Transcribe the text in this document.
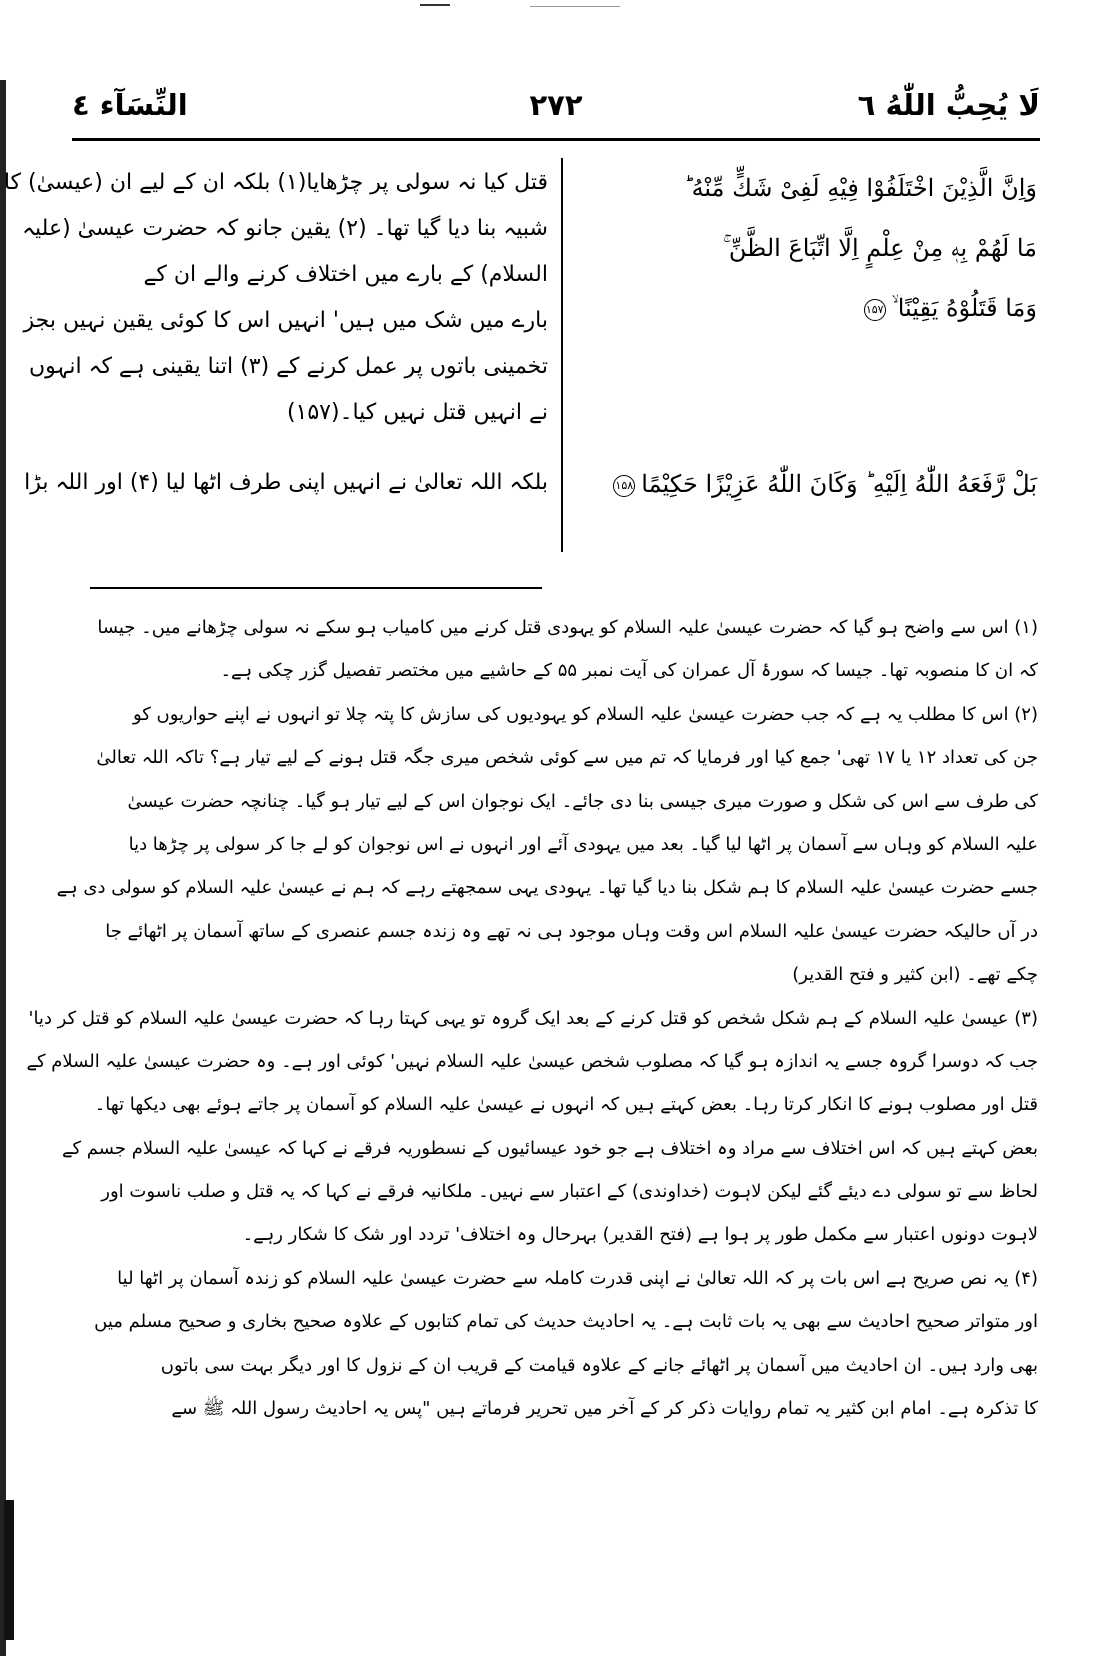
لَا یُحِبُّ اللّٰهُ ٦
۲۷۲
النِّسَآء ٤
وَاِنَّ الَّذِیْنَ اخْتَلَفُوْا فِیْهِ لَفِیْ شَكٍّ مِّنْهُ ؕ
مَا لَهُمْ بِهٖ مِنْ عِلْمٍ اِلَّا اتِّبَاعَ الظَّنِّ ۚ
وَمَا قَتَلُوْهُ یَقِیْنًا ۙ۱۵۷
بَلْ رَّفَعَهُ اللّٰهُ اِلَیْهِ ؕ وَكَانَ اللّٰهُ عَزِیْزًا حَكِیْمًا۱۵۸
قتل کیا نہ سولی پر چڑھایا(۱) بلکہ ان کے لیے ان (عیسیٰ) کا
شبیہ بنا دیا گیا تھا۔ (۲) یقین جانو کہ حضرت عیسیٰ (علیہ
السلام) کے بارے میں اختلاف کرنے والے ان کے
بارے میں شک میں ہیں' انہیں اس کا کوئی یقین نہیں بجز
تخمینی باتوں پر عمل کرنے کے (۳) اتنا یقینی ہے کہ انہوں
نے انہیں قتل نہیں کیا۔(۱۵۷)
بلکہ اللہ تعالیٰ نے انہیں اپنی طرف اٹھا لیا (۴) اور اللہ بڑا
(۱) اس سے واضح ہو گیا کہ حضرت عیسیٰ علیہ السلام کو یہودی قتل کرنے میں کامیاب ہو سکے نہ سولی چڑھانے میں۔ جیسا
کہ ان کا منصوبہ تھا۔ جیسا کہ سورۂ آل عمران کی آیت نمبر ۵۵ کے حاشیے میں مختصر تفصیل گزر چکی ہے۔
(۲) اس کا مطلب یہ ہے کہ جب حضرت عیسیٰ علیہ السلام کو یہودیوں کی سازش کا پتہ چلا تو انہوں نے اپنے حواریوں کو
جن کی تعداد ۱۲ یا ۱۷ تھی' جمع کیا اور فرمایا کہ تم میں سے کوئی شخص میری جگہ قتل ہونے کے لیے تیار ہے؟ تاکہ اللہ تعالیٰ
کی طرف سے اس کی شکل و صورت میری جیسی بنا دی جائے۔ ایک نوجوان اس کے لیے تیار ہو گیا۔ چنانچہ حضرت عیسیٰ
علیہ السلام کو وہاں سے آسمان پر اٹھا لیا گیا۔ بعد میں یہودی آئے اور انہوں نے اس نوجوان کو لے جا کر سولی پر چڑھا دیا
جسے حضرت عیسیٰ علیہ السلام کا ہم شکل بنا دیا گیا تھا۔ یہودی یہی سمجھتے رہے کہ ہم نے عیسیٰ علیہ السلام کو سولی دی ہے
در آں حالیکہ حضرت عیسیٰ علیہ السلام اس وقت وہاں موجود ہی نہ تھے وہ زندہ جسم عنصری کے ساتھ آسمان پر اٹھائے جا
چکے تھے۔ (ابن کثیر و فتح القدیر)
(۳) عیسیٰ علیہ السلام کے ہم شکل شخص کو قتل کرنے کے بعد ایک گروہ تو یہی کہتا رہا کہ حضرت عیسیٰ علیہ السلام کو قتل کر دیا'
جب کہ دوسرا گروہ جسے یہ اندازہ ہو گیا کہ مصلوب شخص عیسیٰ علیہ السلام نہیں' کوئی اور ہے۔ وہ حضرت عیسیٰ علیہ السلام کے
قتل اور مصلوب ہونے کا انکار کرتا رہا۔ بعض کہتے ہیں کہ انہوں نے عیسیٰ علیہ السلام کو آسمان پر جاتے ہوئے بھی دیکھا تھا۔
بعض کہتے ہیں کہ اس اختلاف سے مراد وہ اختلاف ہے جو خود عیسائیوں کے نسطوریہ فرقے نے کہا کہ عیسیٰ علیہ السلام جسم کے
لحاظ سے تو سولی دے دیئے گئے لیکن لاہوت (خداوندی) کے اعتبار سے نہیں۔ ملکانیہ فرقے نے کہا کہ یہ قتل و صلب ناسوت اور
لاہوت دونوں اعتبار سے مکمل طور پر ہوا ہے (فتح القدیر) بہرحال وہ اختلاف' تردد اور شک کا شکار رہے۔
(۴) یہ نص صریح ہے اس بات پر کہ اللہ تعالیٰ نے اپنی قدرت کاملہ سے حضرت عیسیٰ علیہ السلام کو زندہ آسمان پر اٹھا لیا
اور متواتر صحیح احادیث سے بھی یہ بات ثابت ہے۔ یہ احادیث حدیث کی تمام کتابوں کے علاوہ صحیح بخاری و صحیح مسلم میں
بھی وارد ہیں۔ ان احادیث میں آسمان پر اٹھائے جانے کے علاوہ قیامت کے قریب ان کے نزول کا اور دیگر بہت سی باتوں
کا تذکرہ ہے۔ امام ابن کثیر یہ تمام روایات ذکر کر کے آخر میں تحریر فرماتے ہیں "پس یہ احادیث رسول اللہ ﷺ سے
